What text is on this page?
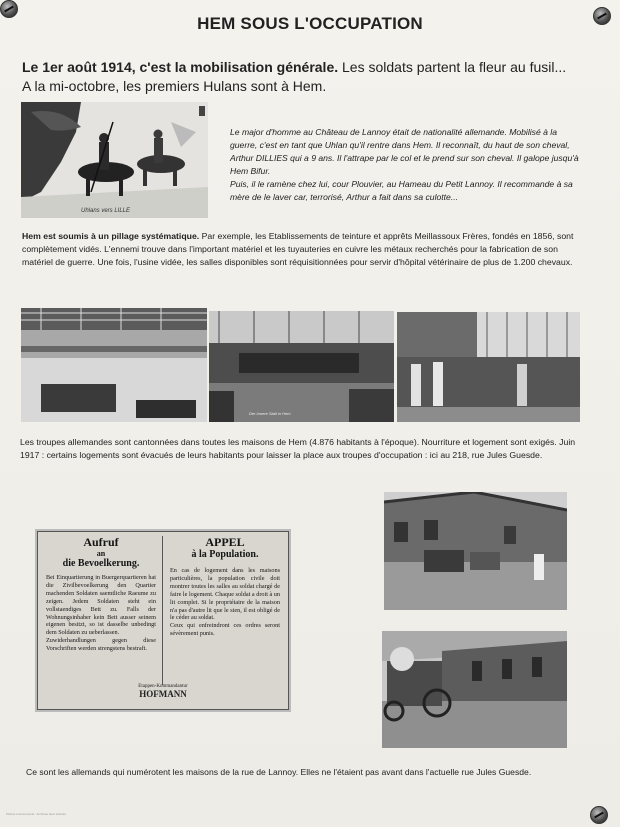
HEM SOUS L'OCCUPATION
Le 1er août 1914, c'est la mobilisation générale. Les soldats partent la fleur au fusil...
A la mi-octobre, les premiers Hulans sont à Hem.
Uhlans vers LILLE
Le major d'homme au Château de Lannoy était de nationalité allemande. Mobilisé à la guerre, c'est en tant que Uhlan qu'il rentre dans Hem. Il reconnaît, du haut de son cheval, Arthur DILLIES qui a 9 ans. Il l'attrape par le col et le prend sur son cheval. Il galope jusqu'à Hem Bifur.
Puis, il le ramène chez lui, cour Plouvier, au Hameau du Petit Lannoy. Il recommande à sa mère de le laver car, terrorisé, Arthur a fait dans sa culotte...
Hem est soumis à un pillage systématique. Par exemple, les Etablissements de teinture et apprêts Meillassoux Frères, fondés en 1856, sont complètement vidés. L'ennemi trouve dans l'important matériel et les tuyauteries en cuivre les métaux recherchés pour la fabrication de son matériel de guerre. Une fois, l'usine vidée, les salles disponibles sont réquisitionnées pour servir d'hôpital vétérinaire de plus de 1.200 chevaux.
Der Innere Stall in Hem
Les troupes allemandes sont cantonnées dans toutes les maisons de Hem (4.876 habitants à l'époque). Nourriture et logement sont exigés. Juin 1917 : certains logements sont évacués de leurs habitants pour laisser la place aux troupes d'occupation : ici au 218, rue Jules Guesde.
Aufruf
an
die Bevoelkerung.
Bei Einquartierung in Buergerquartieren hat die Zivilbevoelkerung den Quartier machenden Soldaten saemtliche Raeume zu zeigen. Jedem Soldaten steht ein vollstaendiges Bett zu. Falls der Wohnungsinhaber kein Bett ausser seinem eigenen besitzt, so ist dasselbe unbedingt dem Soldaten zu ueberlassen.
Zuwiderhandlungen gegen diese Vorschriften werden strengstens bestraft.
APPEL
à la Population.
En cas de logement dans les maisons particulières, la population civile doit montrer toutes les salles au soldat chargé de faire le logement. Chaque soldat a droit à un lit complet. Si le propriétaire de la maison n'a pas d'autre lit que le sien, il est obligé de le céder au soldat.
Ceux qui enfreindront ces ordres seront sévèrement punis.
Etappen-Kommandantur
HOFMANN
Ce sont les allemands qui numérotent les maisons de la rue de Lannoy. Elles ne l'étaient pas avant dans l'actuelle rue Jules Guesde.
Photos et documents : Archives Hem Histoire
